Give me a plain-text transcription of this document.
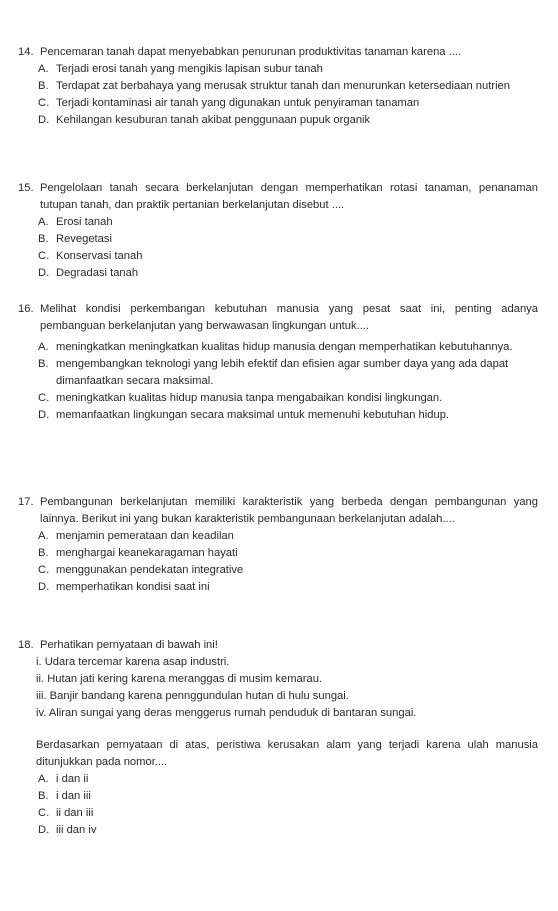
14. Pencemaran tanah dapat menyebabkan penurunan produktivitas tanaman karena ....
A. Terjadi erosi tanah yang mengikis lapisan subur tanah
B. Terdapat zat berbahaya yang merusak struktur tanah dan menurunkan ketersediaan nutrien
C. Terjadi kontaminasi air tanah yang digunakan untuk penyiraman tanaman
D. Kehilangan kesuburan tanah akibat penggunaan pupuk organik
15. Pengelolaan tanah secara berkelanjutan dengan memperhatikan rotasi tanaman, penanaman tutupan tanah, dan praktik pertanian berkelanjutan disebut ....
A. Erosi tanah
B. Revegetasi
C. Konservasi tanah
D. Degradasi tanah
16. Melihat kondisi perkembangan kebutuhan manusia yang pesat saat ini, penting adanya pembanguan berkelanjutan yang berwawasan lingkungan untuk....
A. meningkatkan meningkatkan kualitas hidup manusia dengan memperhatikan kebutuhannya.
B. mengembangkan teknologi yang lebih efektif dan efisien agar sumber daya yang ada dapat dimanfaatkan secara maksimal.
C. meningkatkan kualitas hidup manusia tanpa mengabaikan kondisi lingkungan.
D. memanfaatkan lingkungan secara maksimal untuk memenuhi kebutuhan hidup.
17. Pembangunan berkelanjutan memiliki karakteristik yang berbeda dengan pembangunan yang lainnya. Berikut ini yang bukan karakteristik pembangunaan berkelanjutan adalah....
A. menjamin pemerataan dan keadilan
B. menghargai keanekaragaman hayati
C. menggunakan pendekatan integrative
D. memperhatikan kondisi saat ini
18. Perhatikan pernyataan di bawah ini!
i. Udara tercemar karena asap industri.
ii. Hutan jati kering karena meranggas di musim kemarau.
iii. Banjir bandang karena pennggundulan hutan di hulu sungai.
iv. Aliran sungai yang deras menggerus rumah penduduk di bantaran sungai.
Berdasarkan pernyataan di atas, peristiwa kerusakan alam yang terjadi karena ulah manusia ditunjukkan pada nomor....
A. i dan ii
B. i dan iii
C. ii dan iii
D. iii dan iv
